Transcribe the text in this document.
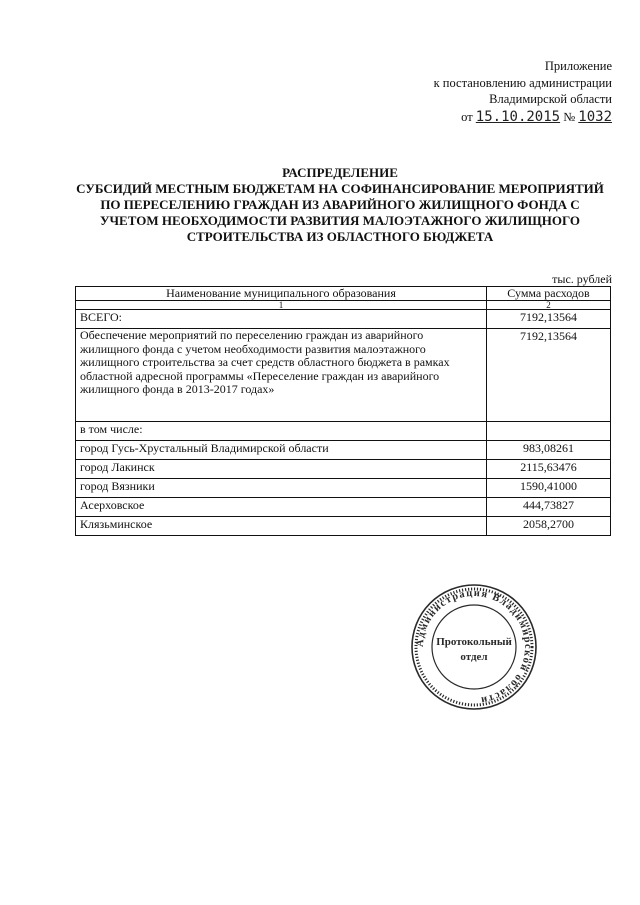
Приложение
к постановлению администрации
Владимирской области
от 15.10.2015 № 1032
РАСПРЕДЕЛЕНИЕ
СУБСИДИЙ МЕСТНЫМ БЮДЖЕТАМ НА СОФИНАНСИРОВАНИЕ МЕРОПРИЯТИЙ
ПО ПЕРЕСЕЛЕНИЮ ГРАЖДАН ИЗ АВАРИЙНОГО ЖИЛИЩНОГО ФОНДА С
УЧЕТОМ НЕОБХОДИМОСТИ РАЗВИТИЯ МАЛОЭТАЖНОГО ЖИЛИЩНОГО
СТРОИТЕЛЬСТВА ИЗ ОБЛАСТНОГО БЮДЖЕТА
тыс. рублей
Наименование муниципального образования	Сумма расходов
1	2
ВСЕГО:	7192,13564
Обеспечение мероприятий по переселению граждан из аварийного жилищного фонда с учетом необходимости развития малоэтажного жилищного строительства за счет средств областного бюджета в рамках областной адресной программы «Переселение граждан из аварийного жилищного фонда в 2013-2017 годах»	7192,13564
в том числе:	
город Гусь-Хрустальный Владимирской области	983,08261
город Лакинск	2115,63476
город Вязники	1590,41000
Асерховское	444,73827
Клязьминское	2058,2700
Администрация Владимирской области
Протокольный
отдел
